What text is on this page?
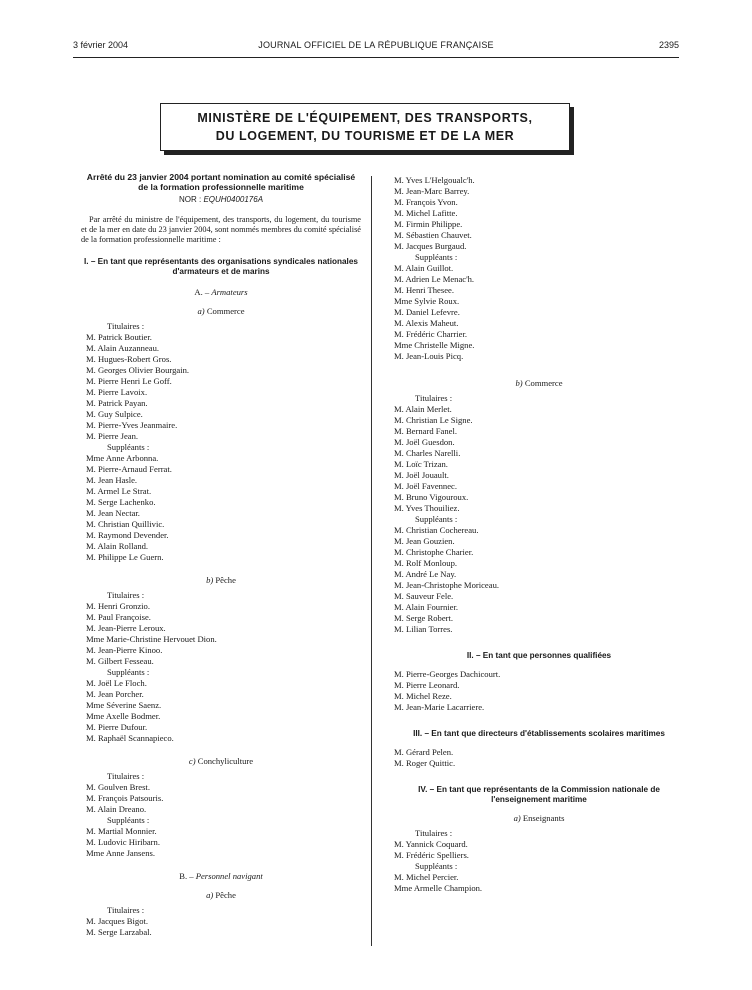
3 février 2004	JOURNAL OFFICIEL DE LA RÉPUBLIQUE FRANÇAISE	2395
MINISTÈRE DE L'ÉQUIPEMENT, DES TRANSPORTS,
DU LOGEMENT, DU TOURISME ET DE LA MER
Arrêté du 23 janvier 2004 portant nomination au comité spécialisé de la formation professionnelle maritime
NOR : EQUH0400176A
Par arrêté du ministre de l'équipement, des transports, du logement, du tourisme et de la mer en date du 23 janvier 2004, sont nommés membres du comité spécialisé de la formation professionnelle maritime :
I. – En tant que représentants des organisations syndicales nationales d'armateurs et de marins
A. – Armateurs
a) Commerce
Titulaires :
M. Patrick Boutier.
M. Alain Auzanneau.
M. Hugues-Robert Gros.
M. Georges Olivier Bourgain.
M. Pierre Henri Le Goff.
M. Pierre Lavoix.
M. Patrick Payan.
M. Guy Sulpice.
M. Pierre-Yves Jeanmaire.
M. Pierre Jean.
Suppléants :
Mme Anne Arbonna.
M. Pierre-Arnaud Ferrat.
M. Jean Hasle.
M. Armel Le Strat.
M. Serge Lachenko.
M. Jean Nectar.
M. Christian Quillivic.
M. Raymond Devender.
M. Alain Rolland.
M. Philippe Le Guern.
b) Pêche
Titulaires :
M. Henri Gronzio.
M. Paul Françoise.
M. Jean-Pierre Leroux.
Mme Marie-Christine Hervouet Dion.
M. Jean-Pierre Kinoo.
M. Gilbert Fesseau.
Suppléants :
M. Joël Le Floch.
M. Jean Porcher.
Mme Séverine Saenz.
Mme Axelle Bodmer.
M. Pierre Dufour.
M. Raphaël Scannapieco.
c) Conchyliculture
Titulaires :
M. Goulven Brest.
M. François Patsouris.
M. Alain Dreano.
Suppléants :
M. Martial Monnier.
M. Ludovic Hiribarn.
Mme Anne Jansens.
B. – Personnel navigant
a) Pêche
Titulaires :
M. Jacques Bigot.
M. Serge Larzabal.
M. Yves L'Helgoualc'h.
M. Jean-Marc Barrey.
M. François Yvon.
M. Michel Lafitte.
M. Firmin Philippe.
M. Sébastien Chauvet.
M. Jacques Burgaud.
Suppléants :
M. Alain Guillot.
M. Adrien Le Menac'h.
M. Henri Thesee.
Mme Sylvie Roux.
M. Daniel Lefevre.
M. Alexis Maheut.
M. Frédéric Charrier.
Mme Christelle Migne.
M. Jean-Louis Picq.
b) Commerce
Titulaires :
M. Alain Merlet.
M. Christian Le Signe.
M. Bernard Fanel.
M. Joël Guesdon.
M. Charles Narelli.
M. Loïc Trizan.
M. Joël Jouault.
M. Joël Favennec.
M. Bruno Vigouroux.
M. Yves Thouiliez.
Suppléants :
M. Christian Cochereau.
M. Jean Gouzien.
M. Christophe Charier.
M. Rolf Monloup.
M. André Le Nay.
M. Jean-Christophe Moriceau.
M. Sauveur Fele.
M. Alain Fournier.
M. Serge Robert.
M. Lilian Torres.
II. – En tant que personnes qualifiées
M. Pierre-Georges Dachicourt.
M. Pierre Leonard.
M. Michel Reze.
M. Jean-Marie Lacarriere.
III. – En tant que directeurs d'établissements scolaires maritimes
M. Gérard Pelen.
M. Roger Quittic.
IV. – En tant que représentants de la Commission nationale de l'enseignement maritime
a) Enseignants
Titulaires :
M. Yannick Coquard.
M. Frédéric Spelliers.
Suppléants :
M. Michel Percier.
Mme Armelle Champion.
